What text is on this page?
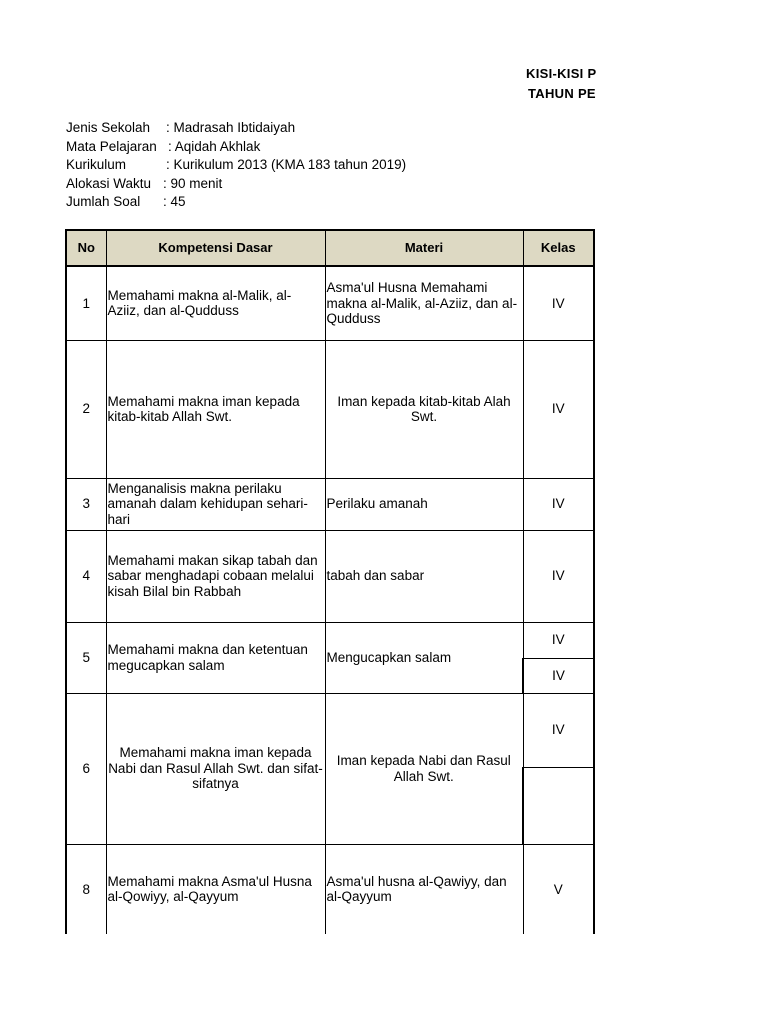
KISI-KISI P
TAHUN PE
Jenis Sekolah : Madrasah Ibtidaiyah
Mata Pelajaran : Aqidah Akhlak
Kurikulum	: Kurikulum 2013 (KMA 183 tahun 2019)
Alokasi Waktu : 90 menit
Jumlah Soal : 45
No	Kompetensi Dasar	Materi	Kelas
1	Memahami makna al-Malik, al-Aziiz, dan al-Qudduss	Asma'ul Husna Memahami makna al-Malik, al-Aziiz, dan al-Qudduss	IV
2	Memahami makna iman kepada kitab-kitab Allah Swt.	Iman kepada kitab-kitab Alah Swt.	IV
3	Menganalisis makna perilaku amanah dalam kehidupan sehari-hari	Perilaku amanah	IV
4	Memahami makan sikap tabah dan sabar menghadapi cobaan melalui kisah Bilal bin Rabbah	tabah dan sabar	IV
5	Memahami makna dan ketentuan megucapkan salam	Mengucapkan salam	IV
			IV
6	Memahami makna iman kepada Nabi dan Rasul Allah Swt. dan sifat-sifatnya	Iman kepada Nabi dan Rasul Allah Swt.	IV

8	Memahami makna Asma'ul Husna al-Qowiyy, al-Qayyum	Asma'ul husna al-Qawiyy, dan al-Qayyum	V
